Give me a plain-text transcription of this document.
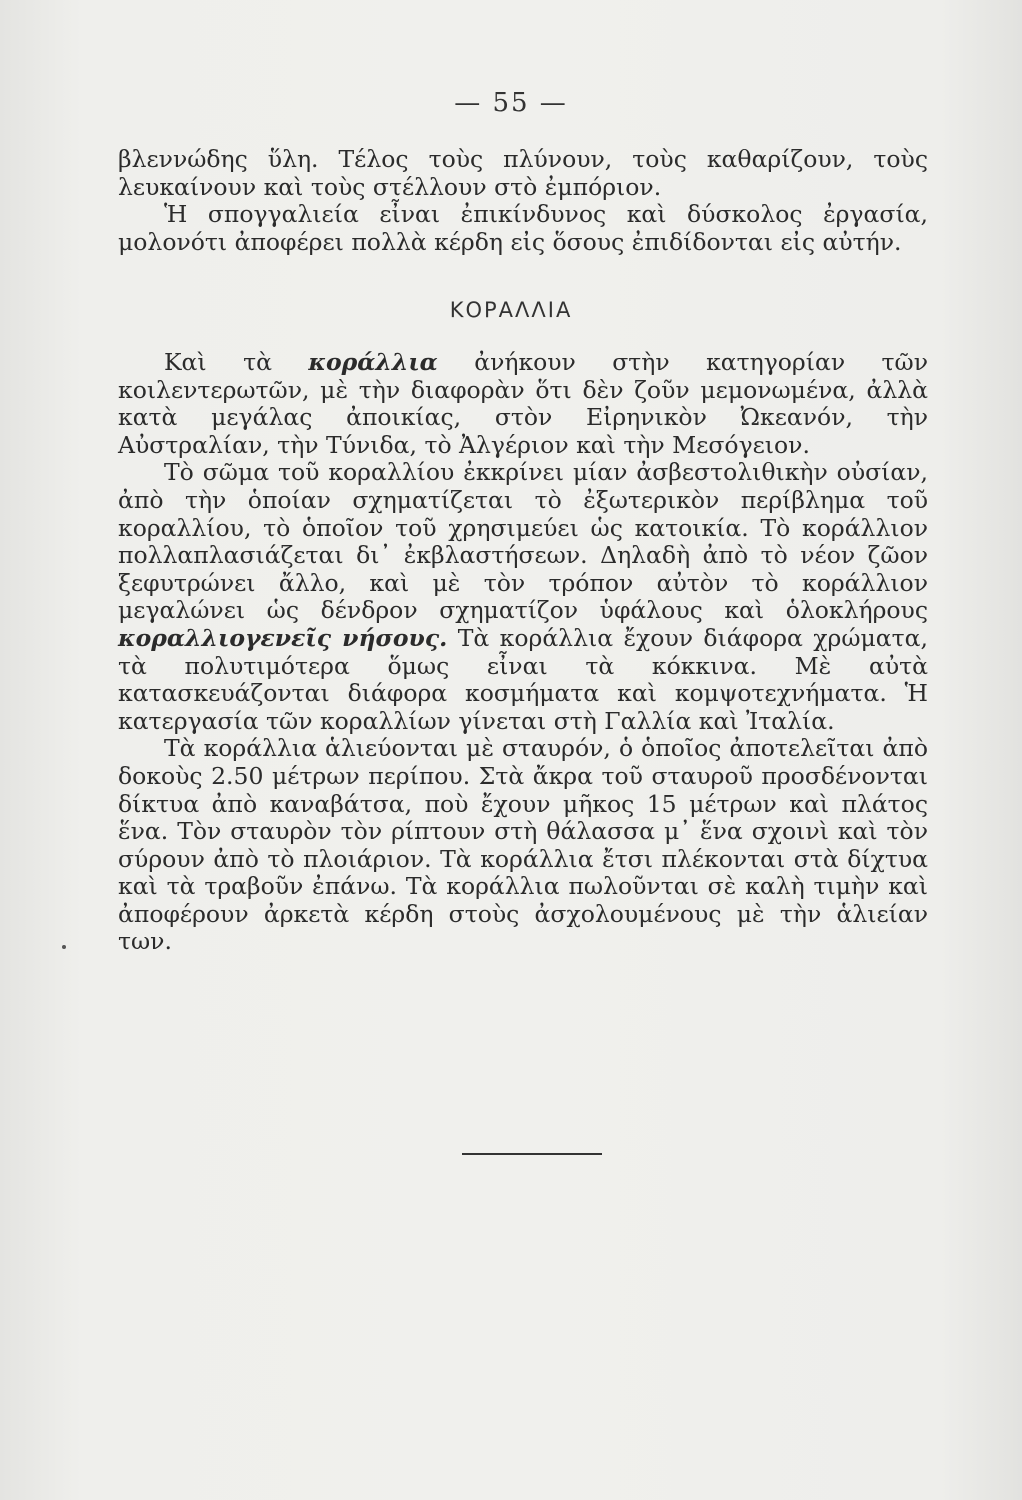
— 55 —

βλεννώδης ὕλη. Τέλος τοὺς πλύνουν, τοὺς καθαρίζουν, τοὺς λευκαίνουν καὶ τοὺς στέλλουν στὸ ἐμπόριον.

Ἡ σπογγαλιεία εἶναι ἐπικίνδυνος καὶ δύσκολος ἐργασία, μολονότι ἀποφέρει πολλὰ κέρδη εἰς ὅσους ἐπιδίδονται εἰς αὐτήν.

ΚΟΡΑΛΛΙΑ

Καὶ τὰ κοράλλια ἀνήκουν στὴν κατηγορίαν τῶν κοιλεντερωτῶν, μὲ τὴν διαφορὰν ὅτι δὲν ζοῦν μεμονωμένα, ἀλλὰ κατὰ μεγάλας ἀποικίας, στὸν Εἰρηνικὸν Ὠκεανόν, τὴν Αὐστραλίαν, τὴν Τύνιδα, τὸ Ἀλγέριον καὶ τὴν Μεσόγειον.

Τὸ σῶμα τοῦ κοραλλίου ἐκκρίνει μίαν ἀσβεστολιθικὴν οὐσίαν, ἀπὸ τὴν ὁποίαν σχηματίζεται τὸ ἐξωτερικὸν περίβλημα τοῦ κοραλλίου, τὸ ὁποῖον τοῦ χρησιμεύει ὡς κατοικία. Τὸ κοράλλιον πολλαπλασιάζεται δι᾽ ἐκβλαστήσεων. Δηλαδὴ ἀπὸ τὸ νέον ζῶον ξεφυτρώνει ἄλλο, καὶ μὲ τὸν τρόπον αὐτὸν τὸ κοράλλιον μεγαλώνει ὡς δένδρον σχηματίζον ὑφάλους καὶ ὁλοκλήρους κοραλλιογενεῖς νήσους. Τὰ κοράλλια ἔχουν διάφορα χρώματα, τὰ πολυτιμότερα ὅμως εἶναι τὰ κόκκινα. Μὲ αὐτὰ κατασκευάζονται διάφορα κοσμήματα καὶ κομψοτεχνήματα. Ἡ κατεργασία τῶν κοραλλίων γίνεται στὴ Γαλλία καὶ Ἰταλία.

Τὰ κοράλλια ἁλιεύονται μὲ σταυρόν, ὁ ὁποῖος ἀποτελεῖται ἀπὸ δοκοὺς 2.50 μέτρων περίπου. Στὰ ἄκρα τοῦ σταυροῦ προσδένονται δίκτυα ἀπὸ καναβάτσα, ποὺ ἔχουν μῆκος 15 μέτρων καὶ πλάτος ἕνα. Τὸν σταυρὸν τὸν ρίπτουν στὴ θάλασσα μ᾽ ἕνα σχοινὶ καὶ τὸν σύρουν ἀπὸ τὸ πλοιάριον. Τὰ κοράλλια ἔτσι πλέκονται στὰ δίχτυα καὶ τὰ τραβοῦν ἐπάνω. Τὰ κοράλλια πωλοῦνται σὲ καλὴ τιμὴν καὶ ἀποφέρουν ἀρκετὰ κέρδη στοὺς ἀσχολουμένους μὲ τὴν ἁλιείαν των.
